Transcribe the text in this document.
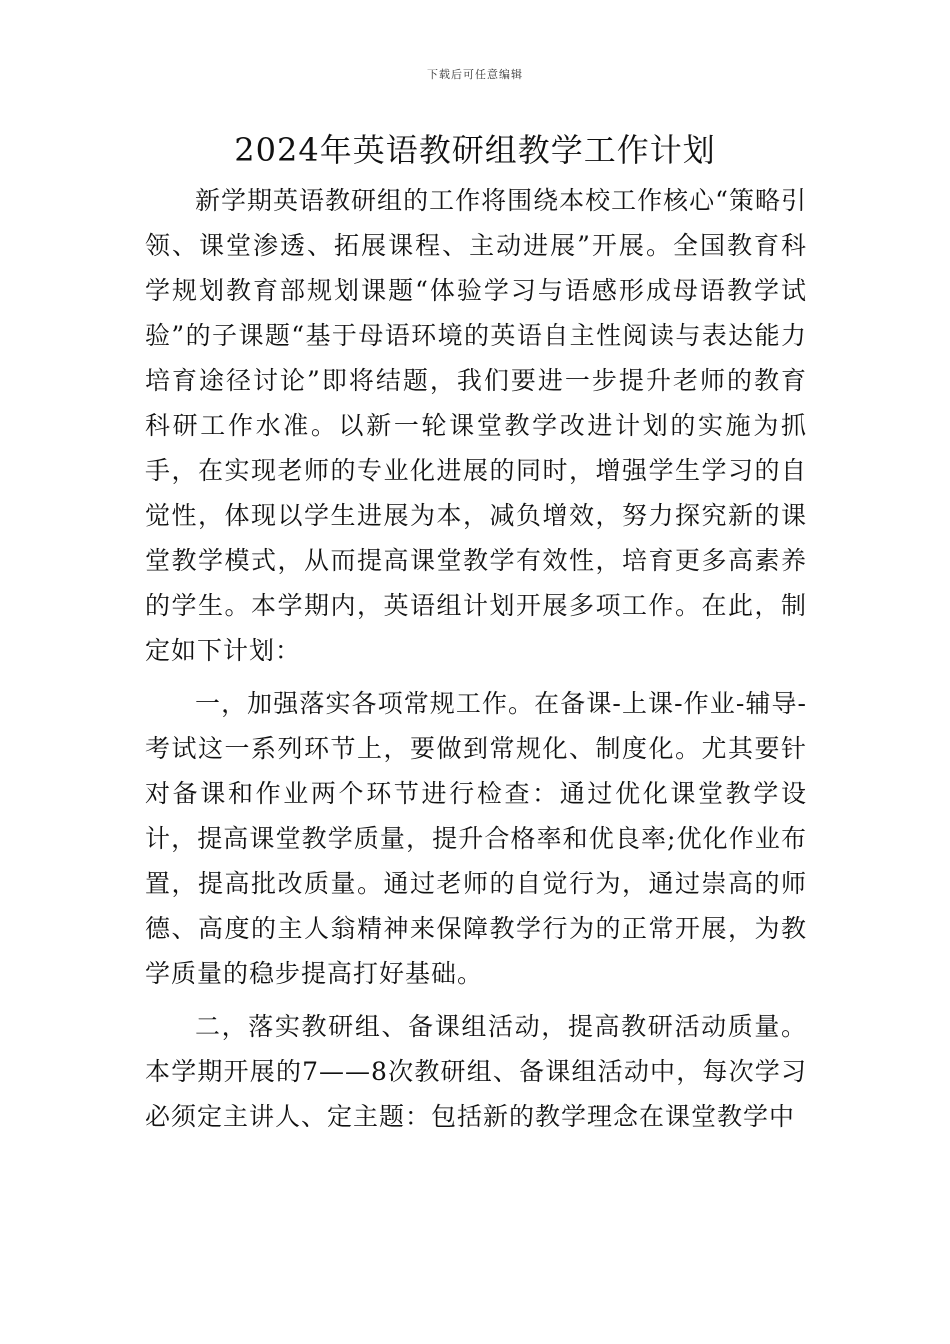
下载后可任意编辑
2024年英语教研组教学工作计划

新学期英语教研组的工作将围绕本校工作核心“策略引领、课堂渗透、拓展课程、主动进展”开展。全国教育科学规划教育部规划课题“体验学习与语感形成母语教学试验”的子课题“基于母语环境的英语自主性阅读与表达能力培育途径讨论”即将结题，我们要进一步提升老师的教育科研工作水准。以新一轮课堂教学改进计划的实施为抓手，在实现老师的专业化进展的同时，增强学生学习的自觉性，体现以学生进展为本，减负增效，努力探究新的课堂教学模式，从而提高课堂教学有效性，培育更多高素养的学生。本学期内，英语组计划开展多项工作。在此，制定如下计划：

一，加强落实各项常规工作。在备课-上课-作业-辅导-考试这一系列环节上，要做到常规化、制度化。尤其要针对备课和作业两个环节进行检查：通过优化课堂教学设计，提高课堂教学质量，提升合格率和优良率;优化作业布置，提高批改质量。通过老师的自觉行为，通过崇高的师德、高度的主人翁精神来保障教学行为的正常开展，为教学质量的稳步提高打好基础。

二，落实教研组、备课组活动，提高教研活动质量。本学期开展的7——8次教研组、备课组活动中，每次学习必须定主讲人、定主题：包括新的教学理念在课堂教学中
